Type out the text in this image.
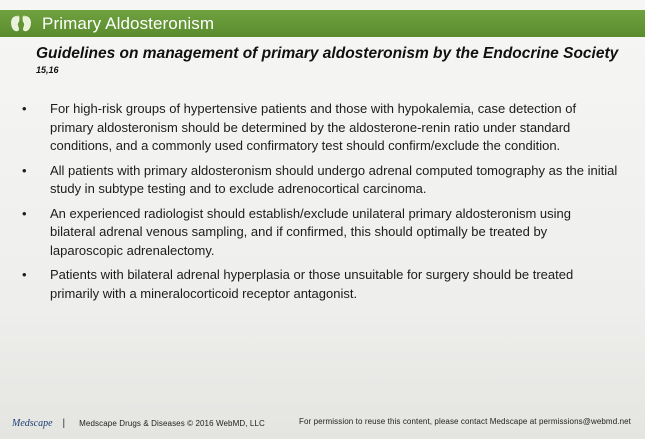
Primary Aldosteronism
Guidelines on management of primary aldosteronism by the Endocrine Society $^{15,16}$
• For high-risk groups of hypertensive patients and those with hypokalemia, case detection of primary aldosteronism should be determined by the aldosterone-renin ratio under standard conditions, and a commonly used confirmatory test should confirm/exclude the condition.
• All patients with primary aldosteronism should undergo adrenal computed tomography as the initial study in subtype testing and to exclude adrenocortical carcinoma.
• An experienced radiologist should establish/exclude unilateral primary aldosteronism using bilateral adrenal venous sampling, and if confirmed, this should optimally be treated by laparoscopic adrenalectomy.
• Patients with bilateral adrenal hyperplasia or those unsuitable for surgery should be treated primarily with a mineralocorticoid receptor antagonist.
Medscape | Medscape Drugs & Diseases © 2016 WebMD, LLC	For permission to reuse this content, please contact Medscape at permissions@webmd.net
